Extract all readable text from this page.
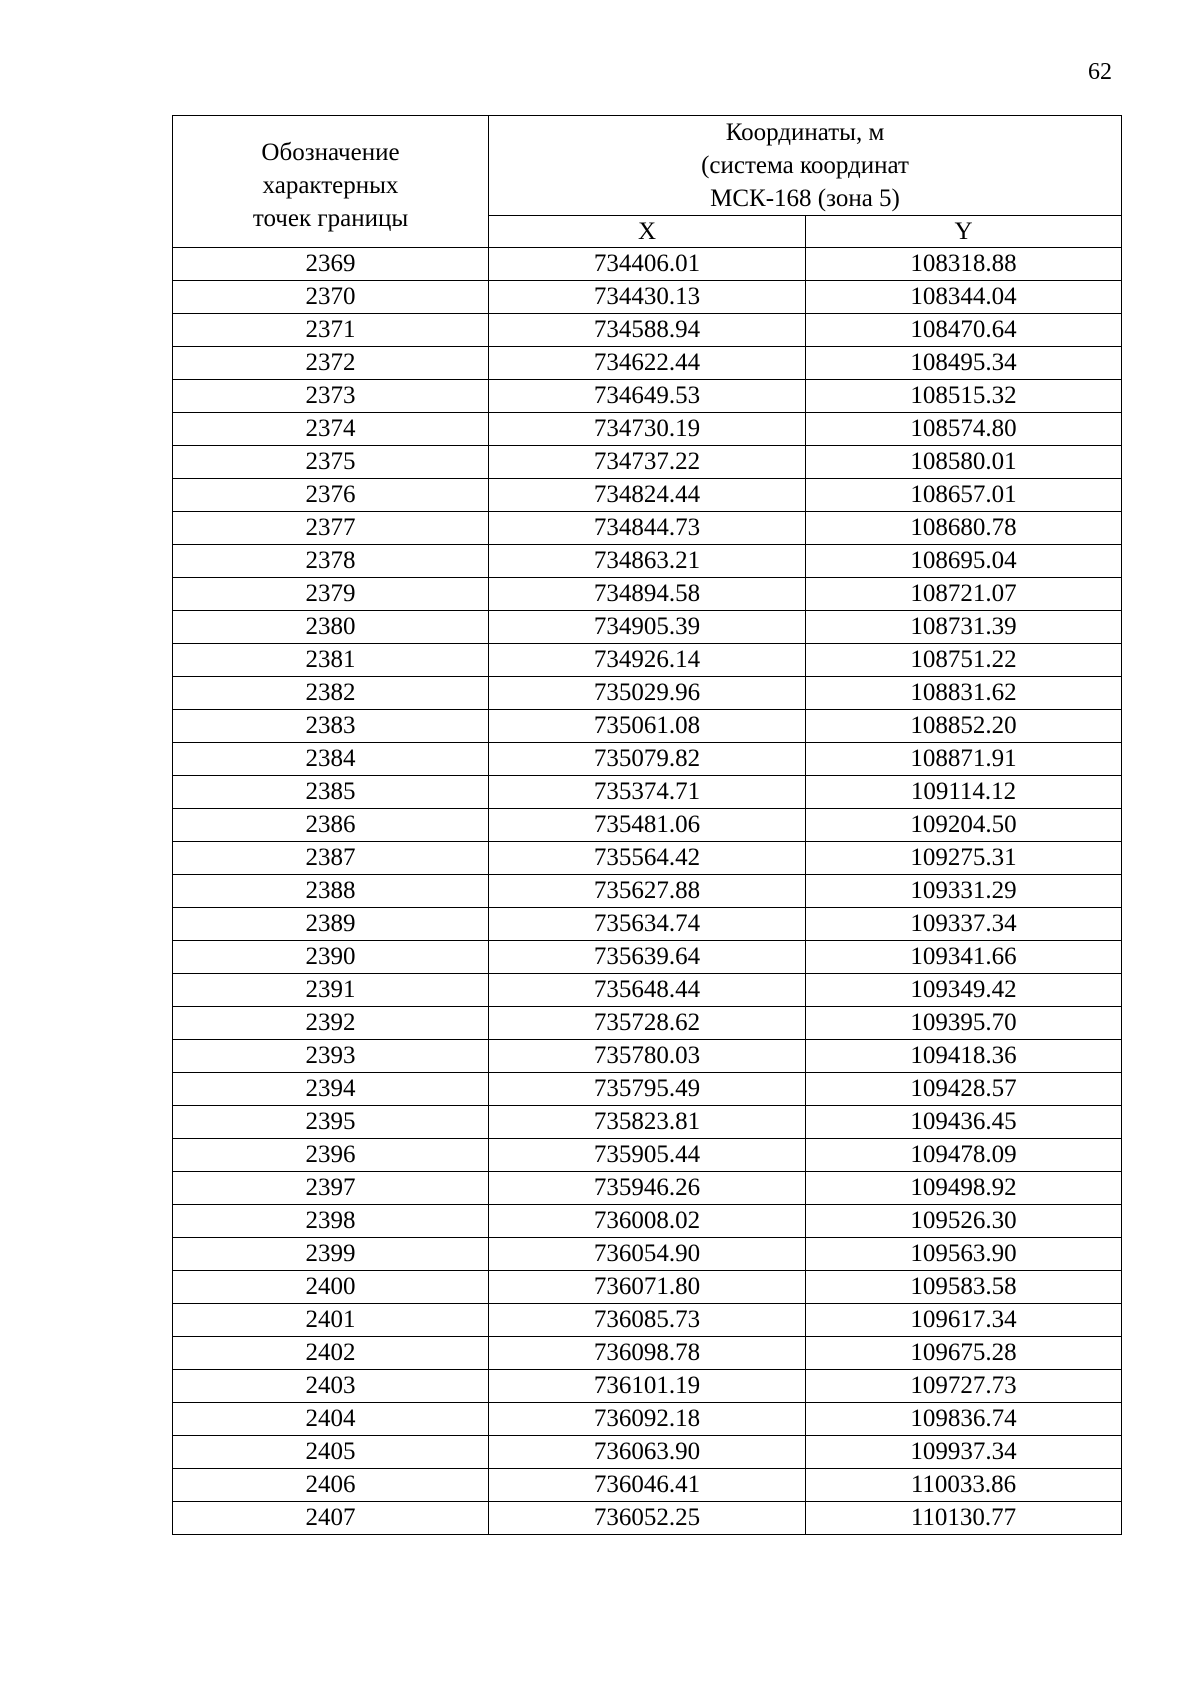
62
Обозначение
характерных
точек границы	Координаты, м
(система координат
МСК-168 (зона 5)	

	X	Y
2369	734406.01	108318.88
2370	734430.13	108344.04
2371	734588.94	108470.64
2372	734622.44	108495.34
2373	734649.53	108515.32
2374	734730.19	108574.80
2375	734737.22	108580.01
2376	734824.44	108657.01
2377	734844.73	108680.78
2378	734863.21	108695.04
2379	734894.58	108721.07
2380	734905.39	108731.39
2381	734926.14	108751.22
2382	735029.96	108831.62
2383	735061.08	108852.20
2384	735079.82	108871.91
2385	735374.71	109114.12
2386	735481.06	109204.50
2387	735564.42	109275.31
2388	735627.88	109331.29
2389	735634.74	109337.34
2390	735639.64	109341.66
2391	735648.44	109349.42
2392	735728.62	109395.70
2393	735780.03	109418.36
2394	735795.49	109428.57
2395	735823.81	109436.45
2396	735905.44	109478.09
2397	735946.26	109498.92
2398	736008.02	109526.30
2399	736054.90	109563.90
2400	736071.80	109583.58
2401	736085.73	109617.34
2402	736098.78	109675.28
2403	736101.19	109727.73
2404	736092.18	109836.74
2405	736063.90	109937.34
2406	736046.41	110033.86
2407	736052.25	110130.77
